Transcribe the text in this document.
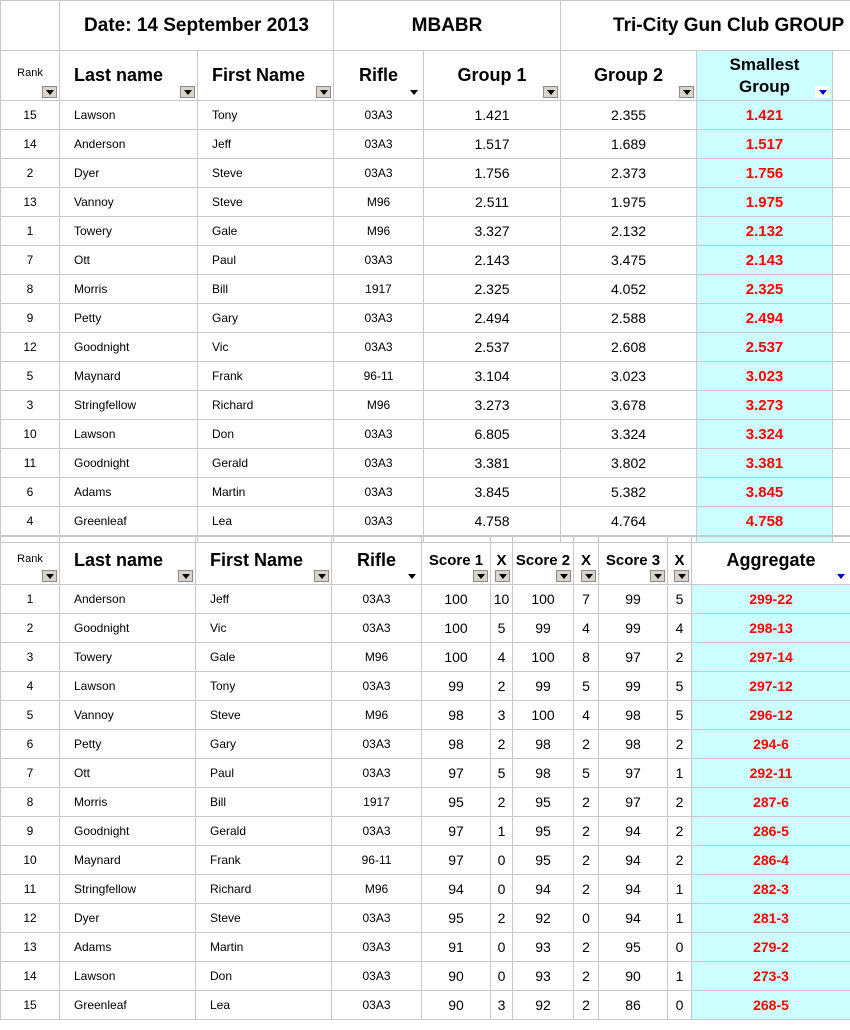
	Date: 14 September 2013		MBABR		Tri-City Gun Club GROUP		
Rank	Last name	First Name	Rifle	Group 1	Group 2	Smallest Group

15	Lawson	Tony	03A3	1.421	2.355	1.421	
14	Anderson	Jeff	03A3	1.517	1.689	1.517	
2	Dyer	Steve	03A3	1.756	2.373	1.756	
13	Vannoy	Steve	M96	2.511	1.975	1.975	
1	Towery	Gale	M96	3.327	2.132	2.132	
7	Ott	Paul	03A3	2.143	3.475	2.143	
8	Morris	Bill	1917	2.325	4.052	2.325	
9	Petty	Gary	03A3	2.494	2.588	2.494	
12	Goodnight	Vic	03A3	2.537	2.608	2.537	
5	Maynard	Frank	96-11	3.104	3.023	3.023	
3	Stringfellow	Richard	M96	3.273	3.678	3.273	
10	Lawson	Don	03A3	6.805	3.324	3.324	
11	Goodnight	Gerald	03A3	3.381	3.802	3.381	
6	Adams	Martin	03A3	3.845	5.382	3.845	
4	Greenleaf	Lea	03A3	4.758	4.764	4.758	

Rank	Last name	First Name	Rifle	Score 1	X	Score 2	X	Score 3	X	Aggregate

1	Anderson	Jeff	03A3	100	10	100	7	99	5	299-22
2	Goodnight	Vic	03A3	100	5	99	4	99	4	298-13
3	Towery	Gale	M96	100	4	100	8	97	2	297-14
4	Lawson	Tony	03A3	99	2	99	5	99	5	297-12
5	Vannoy	Steve	M96	98	3	100	4	98	5	296-12
6	Petty	Gary	03A3	98	2	98	2	98	2	294-6
7	Ott	Paul	03A3	97	5	98	5	97	1	292-11
8	Morris	Bill	1917	95	2	95	2	97	2	287-6
9	Goodnight	Gerald	03A3	97	1	95	2	94	2	286-5
10	Maynard	Frank	96-11	97	0	95	2	94	2	286-4
11	Stringfellow	Richard	M96	94	0	94	2	94	1	282-3
12	Dyer	Steve	03A3	95	2	92	0	94	1	281-3
13	Adams	Martin	03A3	91	0	93	2	95	0	279-2
14	Lawson	Don	03A3	90	0	93	2	90	1	273-3
15	Greenleaf	Lea	03A3	90	3	92	2	86	0	268-5
